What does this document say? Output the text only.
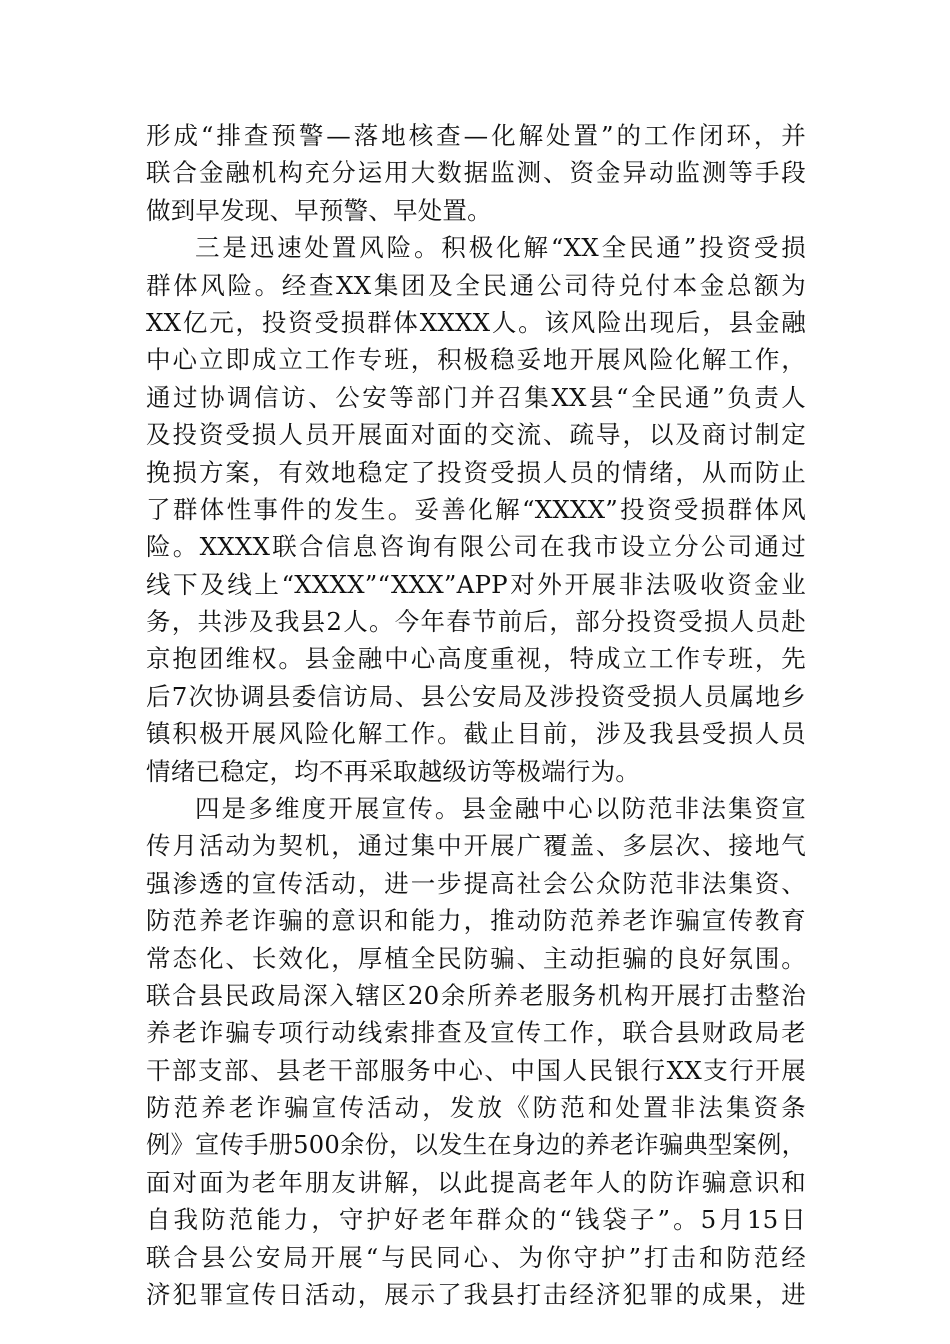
形成“排查预警—落地核查—化解处置”的工作闭环，并
联合金融机构充分运用大数据监测、资金异动监测等手段
做到早发现、早预警、早处置。
三是迅速处置风险。积极化解“XX全民通”投资受损
群体风险。经查XX集团及全民通公司待兑付本金总额为
XX亿元，投资受损群体XXXX人。该风险出现后，县金融
中心立即成立工作专班，积极稳妥地开展风险化解工作，
通过协调信访、公安等部门并召集XX县“全民通”负责人
及投资受损人员开展面对面的交流、疏导，以及商讨制定
挽损方案，有效地稳定了投资受损人员的情绪，从而防止
了群体性事件的发生。妥善化解“XXXX”投资受损群体风
险。XXXX联合信息咨询有限公司在我市设立分公司通过
线下及线上“XXXX”“XXX”APP对外开展非法吸收资金业
务，共涉及我县2人。今年春节前后，部分投资受损人员赴
京抱团维权。县金融中心高度重视，特成立工作专班，先
后7次协调县委信访局、县公安局及涉投资受损人员属地乡
镇积极开展风险化解工作。截止目前，涉及我县受损人员
情绪已稳定，均不再采取越级访等极端行为。
四是多维度开展宣传。县金融中心以防范非法集资宣
传月活动为契机，通过集中开展广覆盖、多层次、接地气
强渗透的宣传活动，进一步提高社会公众防范非法集资、
防范养老诈骗的意识和能力，推动防范养老诈骗宣传教育
常态化、长效化，厚植全民防骗、主动拒骗的良好氛围。
联合县民政局深入辖区20余所养老服务机构开展打击整治
养老诈骗专项行动线索排查及宣传工作，联合县财政局老
干部支部、县老干部服务中心、中国人民银行XX支行开展
防范养老诈骗宣传活动，发放《防范和处置非法集资条
例》宣传手册500余份，以发生在身边的养老诈骗典型案例，
面对面为老年朋友讲解，以此提高老年人的防诈骗意识和
自我防范能力，守护好老年群众的“钱袋子”。5月15日
联合县公安局开展“与民同心、为你守护”打击和防范经
济犯罪宣传日活动，展示了我县打击经济犯罪的成果，进
